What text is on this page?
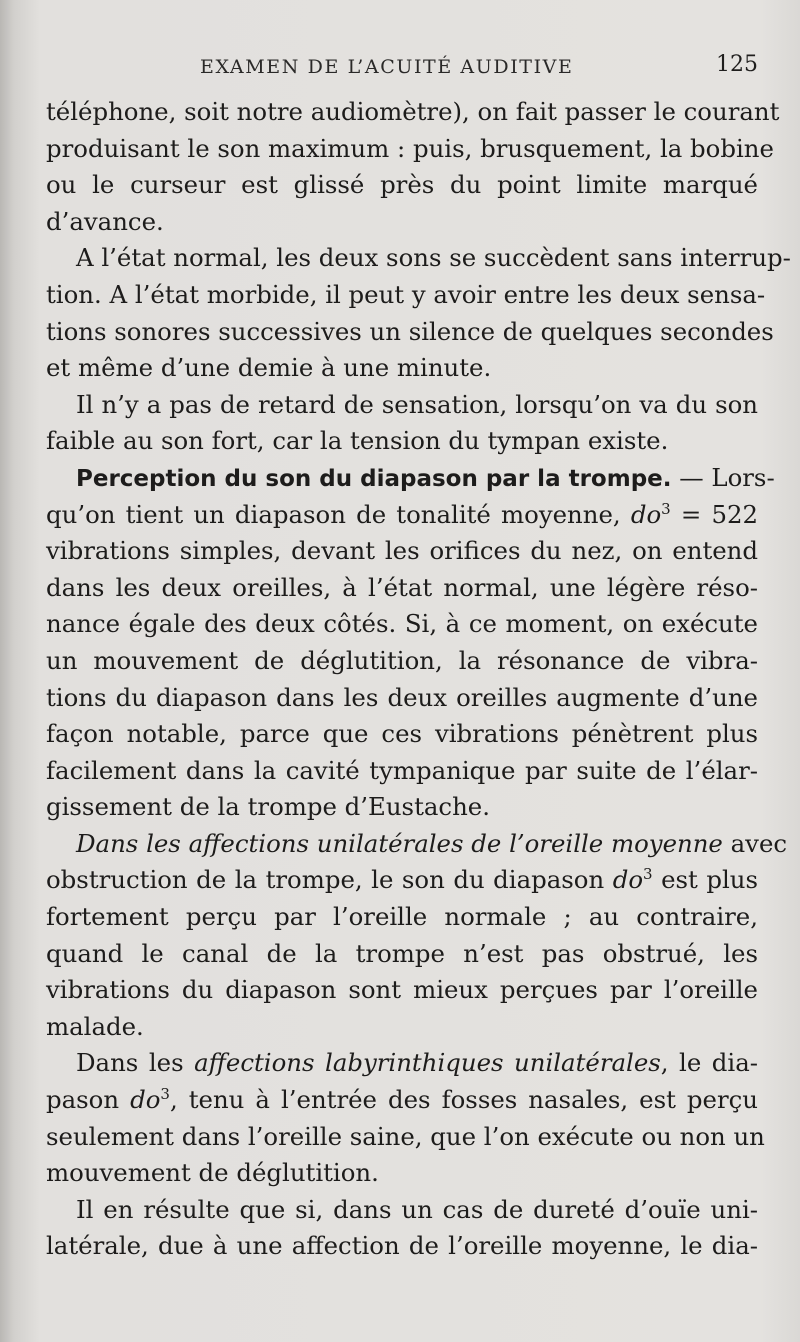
EXAMEN DE L’ACUITÉ AUDITIVE	125
téléphone, soit notre audiomètre), on fait passer le courant
produisant le son maximum : puis, brusquement, la bobine
ou le curseur est glissé près du point limite marqué
d’avance.
A l’état normal, les deux sons se succèdent sans interrup-
tion. A l’état morbide, il peut y avoir entre les deux sensa-
tions sonores successives un silence de quelques secondes
et même d’une demie à une minute.
Il n’y a pas de retard de sensation, lorsqu’on va du son
faible au son fort, car la tension du tympan existe.
Perception du son du diapason par la trompe. — Lors-
qu’on tient un diapason de tonalité moyenne, $do^3 = 522$
vibrations simples, devant les orifices du nez, on entend
dans les deux oreilles, à l’état normal, une légère réso-
nance égale des deux côtés. Si, à ce moment, on exécute
un mouvement de déglutition, la résonance de vibra-
tions du diapason dans les deux oreilles augmente d’une
façon notable, parce que ces vibrations pénètrent plus
facilement dans la cavité tympanique par suite de l’élar-
gissement de la trompe d’Eustache.
Dans les affections unilatérales de l’oreille moyenne avec
obstruction de la trompe, le son du diapason $do^3$ est plus
fortement perçu par l’oreille normale ; au contraire,
quand le canal de la trompe n’est pas obstrué, les
vibrations du diapason sont mieux perçues par l’oreille
malade.
Dans les affections labyrinthiques unilatérales, le dia-
pason $do^3$, tenu à l’entrée des fosses nasales, est perçu
seulement dans l’oreille saine, que l’on exécute ou non un
mouvement de déglutition.
Il en résulte que si, dans un cas de dureté d’ouïe uni-
latérale, due à une affection de l’oreille moyenne, le dia-
